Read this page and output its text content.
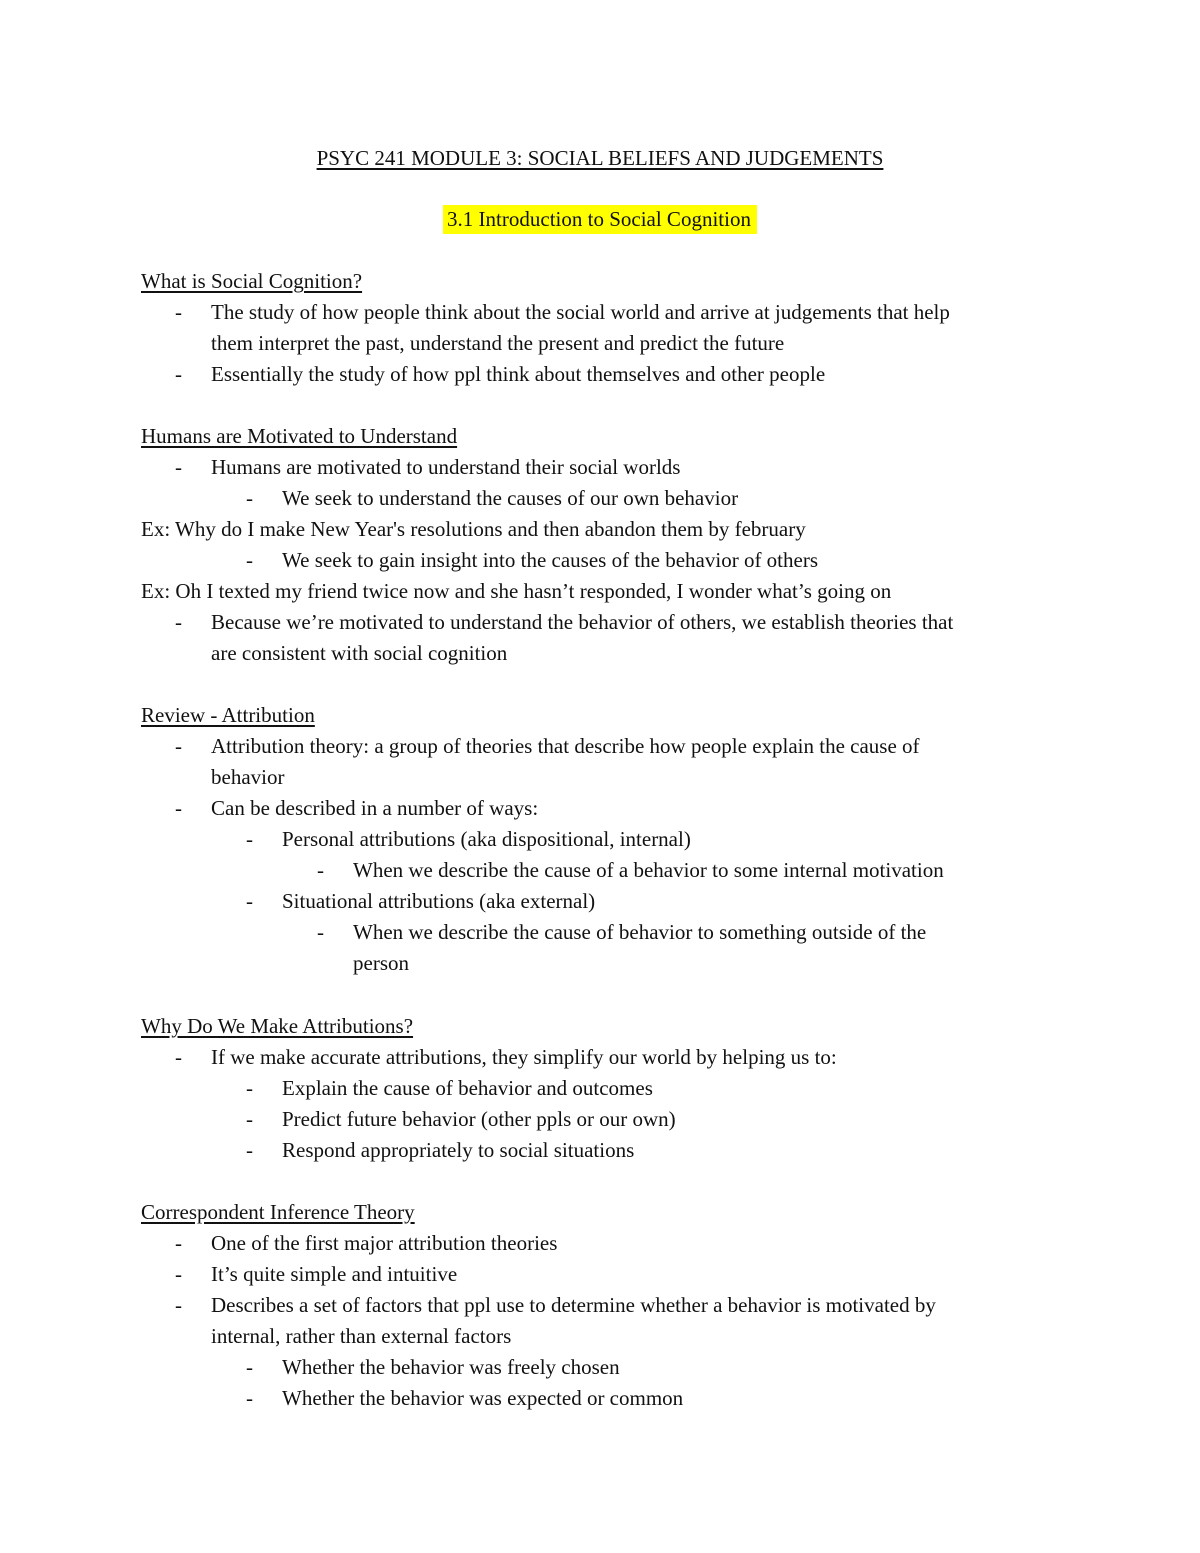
PSYC 241 MODULE 3: SOCIAL BELIEFS AND JUDGEMENTS
3.1 Introduction to Social Cognition
What is Social Cognition?
- The study of how people think about the social world and arrive at judgements that help
them interpret the past, understand the present and predict the future
- Essentially the study of how ppl think about themselves and other people
Humans are Motivated to Understand
- Humans are motivated to understand their social worlds
- We seek to understand the causes of our own behavior
Ex: Why do I make New Year's resolutions and then abandon them by february
- We seek to gain insight into the causes of the behavior of others
Ex: Oh I texted my friend twice now and she hasn’t responded, I wonder what’s going on
- Because we’re motivated to understand the behavior of others, we establish theories that
are consistent with social cognition
Review - Attribution
- Attribution theory: a group of theories that describe how people explain the cause of
behavior
- Can be described in a number of ways:
- Personal attributions (aka dispositional, internal)
- When we describe the cause of a behavior to some internal motivation
- Situational attributions (aka external)
- When we describe the cause of behavior to something outside of the
person
Why Do We Make Attributions?
- If we make accurate attributions, they simplify our world by helping us to:
- Explain the cause of behavior and outcomes
- Predict future behavior (other ppls or our own)
- Respond appropriately to social situations
Correspondent Inference Theory
- One of the first major attribution theories
- It’s quite simple and intuitive
- Describes a set of factors that ppl use to determine whether a behavior is motivated by
internal, rather than external factors
- Whether the behavior was freely chosen
- Whether the behavior was expected or common
